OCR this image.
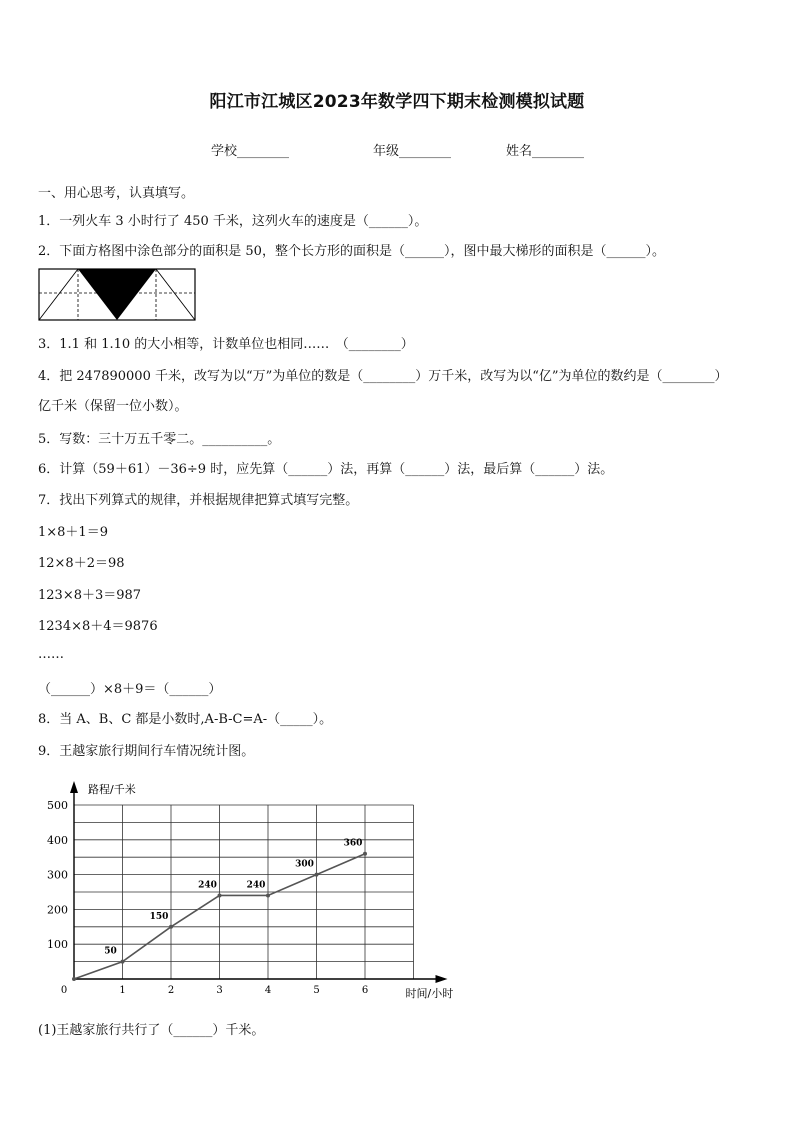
阳江市江城区2023年数学四下期末检测模拟试题
学校________	年级________	姓名________
一、用心思考，认真填写。
1．一列火车 3 小时行了 450 千米，这列火车的速度是（______）。
2．下面方格图中涂色部分的面积是 50，整个长方形的面积是（______），图中最大梯形的面积是（______）。
3．1.1 和 1.10 的大小相等，计数单位也相同……　（________）
4．把 247890000 千米，改写为以“万”为单位的数是（________）万千米，改写为以“亿”为单位的数约是（________）
亿千米（保留一位小数）。
5．写数：三十万五千零二。__________。
6．计算（59＋61）－36÷9 时，应先算（______）法，再算（______）法，最后算（______）法。
7．找出下列算式的规律，并根据规律把算式填写完整。
1×8＋1＝9
12×8＋2＝98
123×8＋3＝987
1234×8＋4＝9876
……
（______）×8＋9＝（______）
8．当 A、B、C 都是小数时,A-B-C=A-（_____）。
9．王越家旅行期间行车情况统计图。
路程/千米
时间/小时
0	1	2	3	4	5	6
100
200
300
400
500
50
150
240	240
300
360
(1)王越家旅行共行了（______）千米。
